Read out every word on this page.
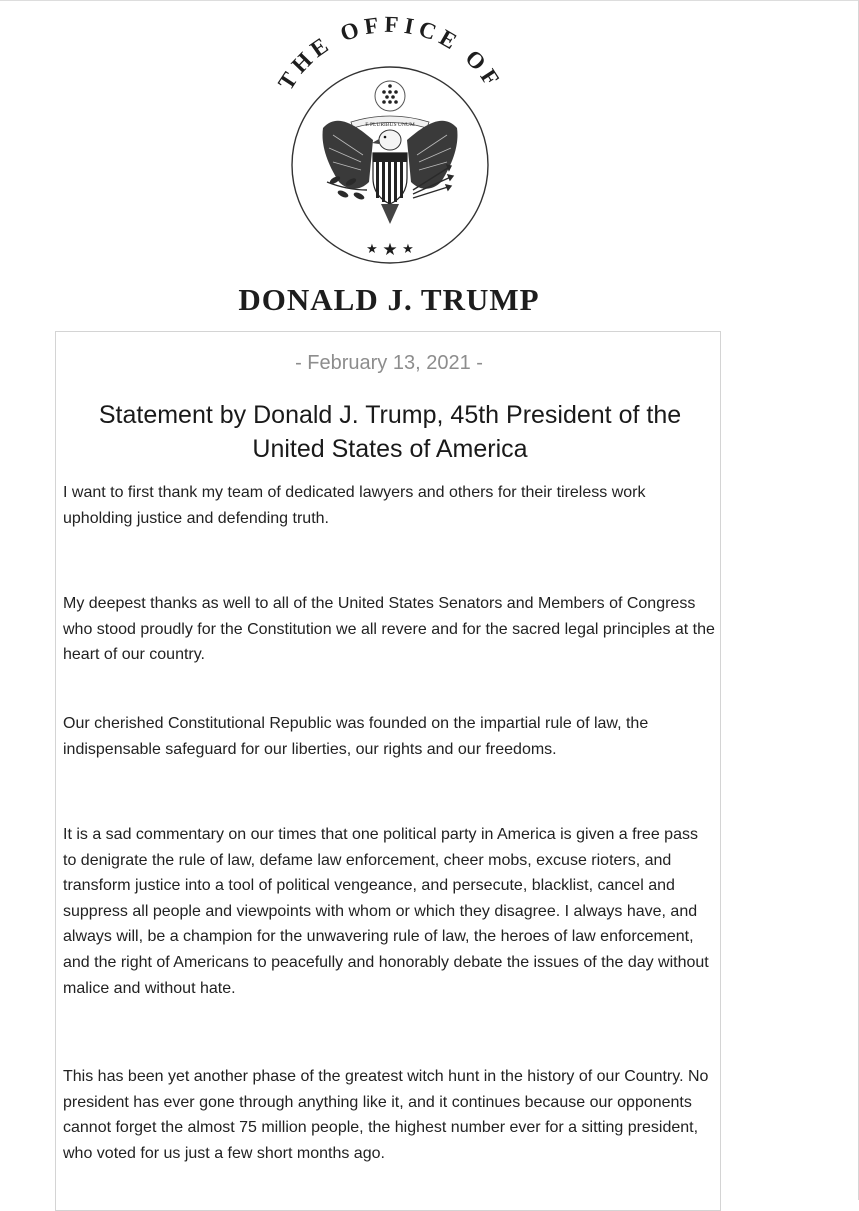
THE OFFICE OF
E PLURIBUS UNUM
★ ★ ★
DONALD J. TRUMP
- February 13, 2021 -
Statement by Donald J. Trump, 45th President of the
United States of America

I want to first thank my team of dedicated lawyers and others for their tireless work upholding justice and defending truth.

My deepest thanks as well to all of the United States Senators and Members of Congress who stood proudly for the Constitution we all revere and for the sacred legal principles at the heart of our country.

Our cherished Constitutional Republic was founded on the impartial rule of law, the indispensable safeguard for our liberties, our rights and our freedoms.

It is a sad commentary on our times that one political party in America is given a free pass to denigrate the rule of law, defame law enforcement, cheer mobs, excuse rioters, and transform justice into a tool of political vengeance, and persecute, blacklist, cancel and suppress all people and viewpoints with whom or which they disagree. I always have, and always will, be a champion for the unwavering rule of law, the heroes of law enforcement, and the right of Americans to peacefully and honorably debate the issues of the day without malice and without hate.

This has been yet another phase of the greatest witch hunt in the history of our Country. No president has ever gone through anything like it, and it continues because our opponents cannot forget the almost 75 million people, the highest number ever for a sitting president, who voted for us just a few short months ago.
